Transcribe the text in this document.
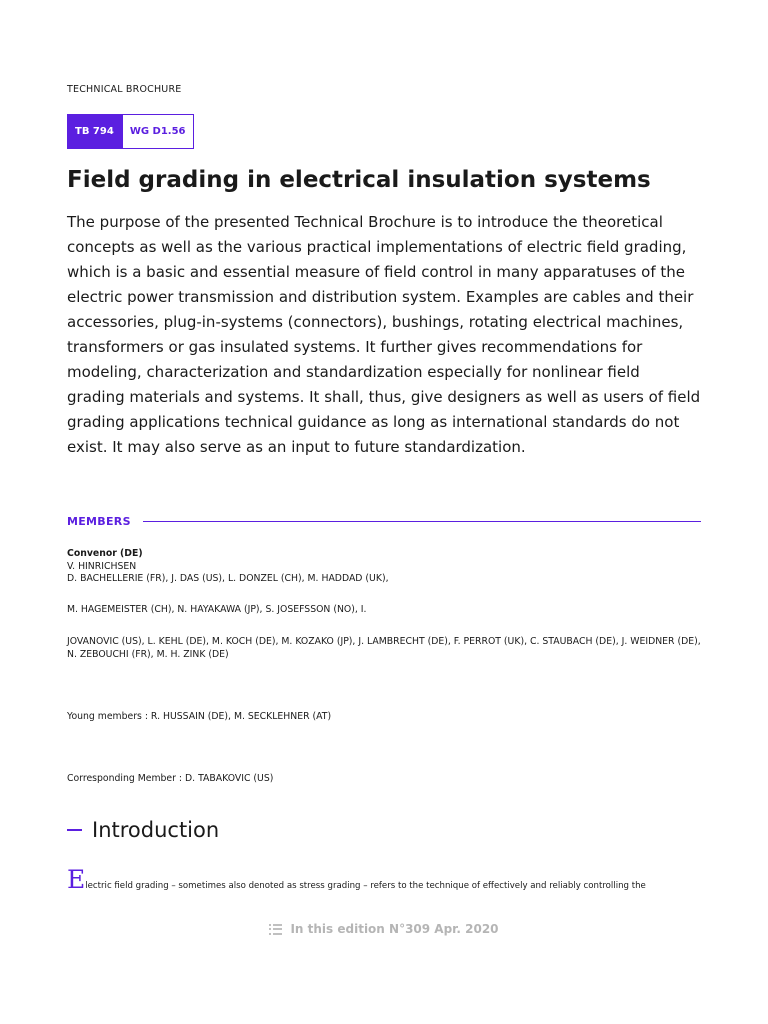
TECHNICAL BROCHURE
TB 794	WG D1.56
Field grading in electrical insulation systems

The purpose of the presented Technical Brochure is to introduce the theoretical concepts as well as the various practical implementations of electric field grading, which is a basic and essential measure of field control in many apparatuses of the electric power transmission and distribution system. Examples are cables and their accessories, plug-in-systems (connectors), bushings, rotating electrical machines, transformers or gas insulated systems. It further gives recommendations for modeling, characterization and standardization especially for nonlinear field grading materials and systems. It shall, thus, give designers as well as users of field grading applications technical guidance as long as international standards do not exist. It may also serve as an input to future standardization.

MEMBERS
Convenor (DE)
V. HINRICHSEN
D. BACHELLERIE (FR), J. DAS (US), L. DONZEL (CH), M. HADDAD (UK),
M. HAGEMEISTER (CH), N. HAYAKAWA (JP), S. JOSEFSSON (NO), I.
JOVANOVIC (US), L. KEHL (DE), M. KOCH (DE), M. KOZAKO (JP), J. LAMBRECHT (DE), F. PERROT (UK), C. STAUBACH (DE), J. WEIDNER (DE), N. ZEBOUCHI (FR), M. H. ZINK (DE)
Young members : R. HUSSAIN (DE), M. SECKLEHNER (AT)
Corresponding Member : D. TABAKOVIC (US)
Introduction
Electric field grading – sometimes also denoted as stress grading – refers to the technique of effectively and reliably controlling the
In this edition N°309 Apr. 2020
